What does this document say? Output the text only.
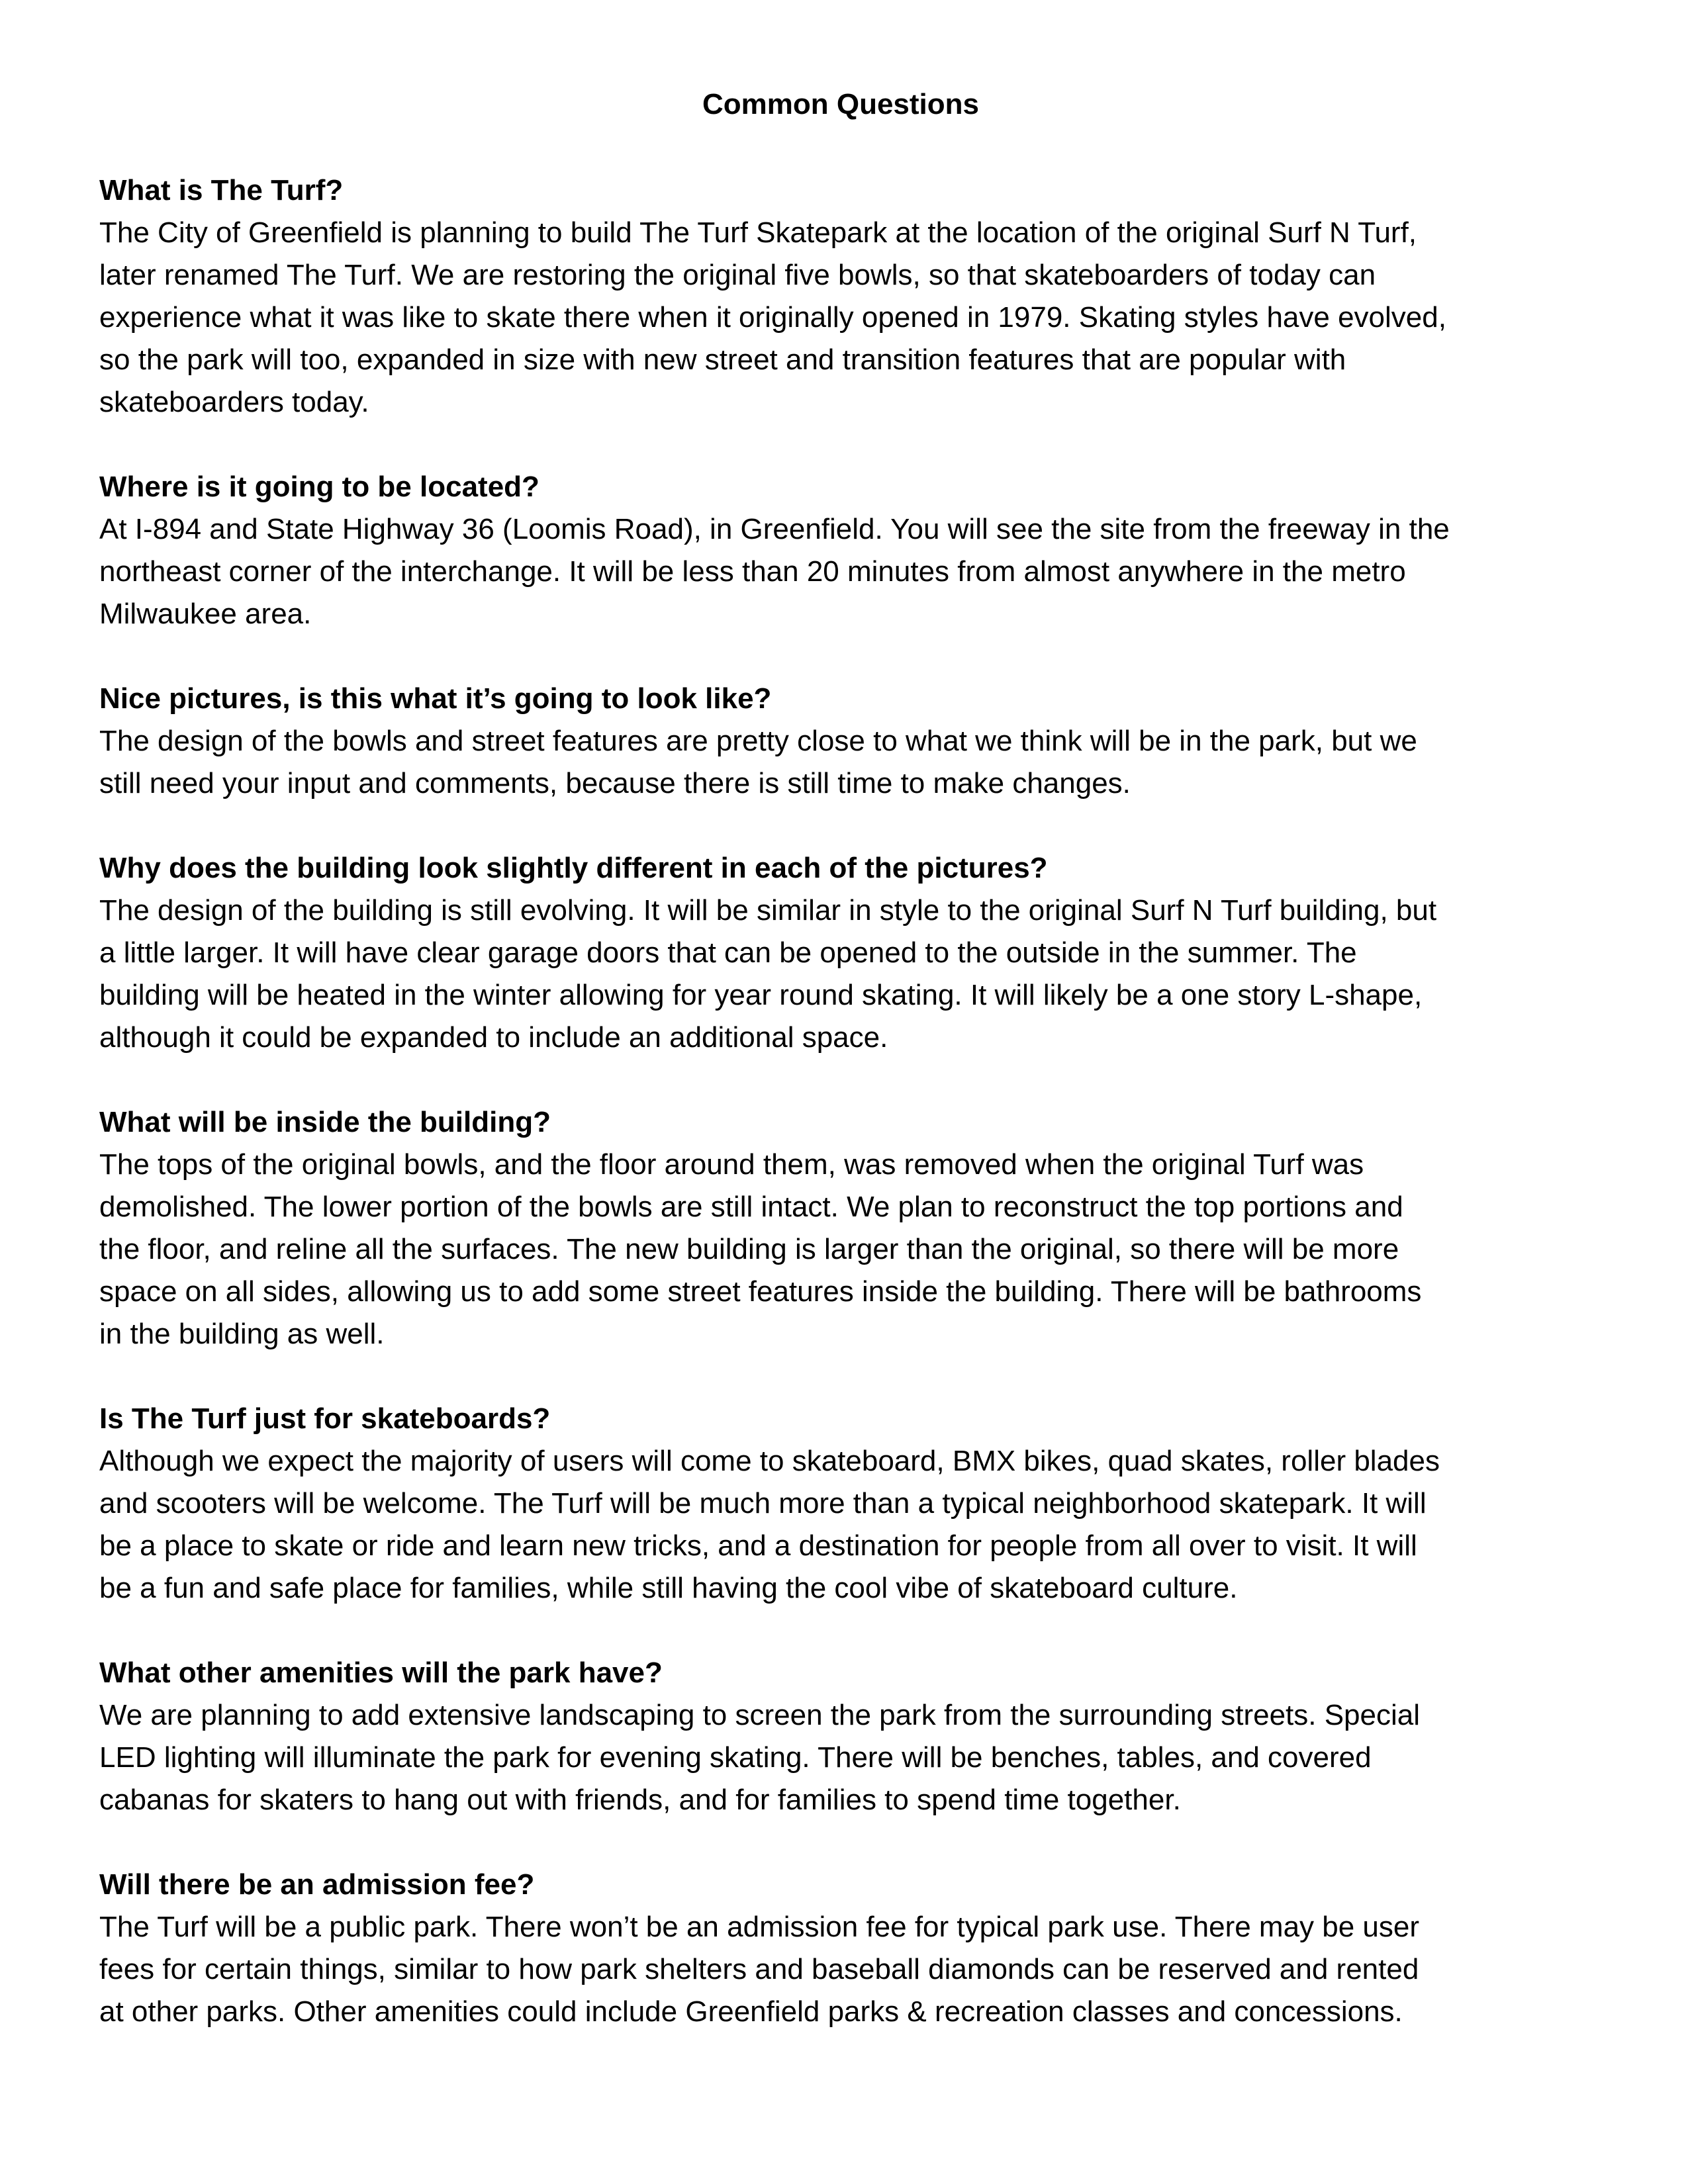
Common Questions

What is The Turf?

The City of Greenfield is planning to build The Turf Skatepark at the location of the original Surf N Turf,

later renamed The Turf. We are restoring the original five bowls, so that skateboarders of today can

experience what it was like to skate there when it originally opened in 1979. Skating styles have evolved,

so the park will too, expanded in size with new street and transition features that are popular with

skateboarders today.

Where is it going to be located?

At I-894 and State Highway 36 (Loomis Road), in Greenfield. You will see the site from the freeway in the

northeast corner of the interchange. It will be less than 20 minutes from almost anywhere in the metro

Milwaukee area.

Nice pictures, is this what it’s going to look like?

The design of the bowls and street features are pretty close to what we think will be in the park, but we

still need your input and comments, because there is still time to make changes.

Why does the building look slightly different in each of the pictures?

The design of the building is still evolving. It will be similar in style to the original Surf N Turf building, but

a little larger. It will have clear garage doors that can be opened to the outside in the summer. The

building will be heated in the winter allowing for year round skating. It will likely be a one story L-shape,

although it could be expanded to include an additional space.

What will be inside the building?

The tops of the original bowls, and the floor around them, was removed when the original Turf was

demolished. The lower portion of the bowls are still intact. We plan to reconstruct the top portions and

the floor, and reline all the surfaces. The new building is larger than the original, so there will be more

space on all sides, allowing us to add some street features inside the building. There will be bathrooms

in the building as well.

Is The Turf just for skateboards?

Although we expect the majority of users will come to skateboard, BMX bikes, quad skates, roller blades

and scooters will be welcome. The Turf will be much more than a typical neighborhood skatepark. It will

be a place to skate or ride and learn new tricks, and a destination for people from all over to visit. It will

be a fun and safe place for families, while still having the cool vibe of skateboard culture.

What other amenities will the park have?

We are planning to add extensive landscaping to screen the park from the surrounding streets. Special

LED lighting will illuminate the park for evening skating. There will be benches, tables, and covered

cabanas for skaters to hang out with friends, and for families to spend time together.

Will there be an admission fee?

The Turf will be a public park. There won’t be an admission fee for typical park use. There may be user

fees for certain things, similar to how park shelters and baseball diamonds can be reserved and rented

at other parks. Other amenities could include Greenfield parks & recreation classes and concessions.
